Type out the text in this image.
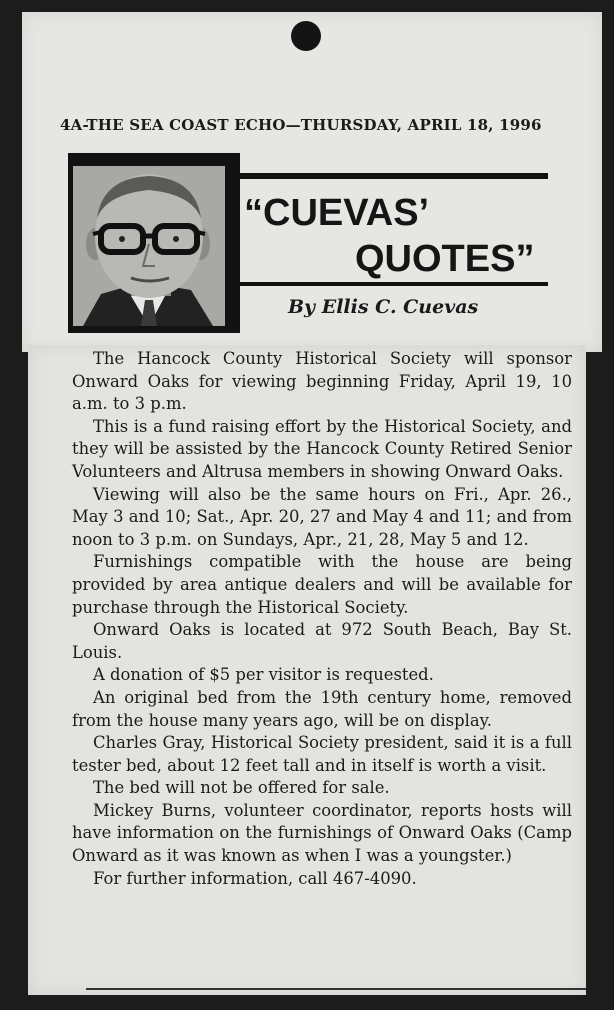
4A-THE SEA COAST ECHO—THURSDAY, APRIL 18, 1996
“CUEVAS’
QUOTES”
By Ellis C. Cuevas

The Hancock County Historical Society will sponsor Onward Oaks for viewing beginning Friday, April 19, 10 a.m. to 3 p.m.

This is a fund raising effort by the Historical Society, and they will be assisted by the Hancock County Retired Senior Volunteers and Altrusa members in showing Onward Oaks.

Viewing will also be the same hours on Fri., Apr. 26., May 3 and 10; Sat., Apr. 20, 27 and May 4 and 11; and from noon to 3 p.m. on Sundays, Apr., 21, 28, May 5 and 12.

Furnishings compatible with the house are being provided by area antique dealers and will be available for purchase through the Historical Society.

Onward Oaks is located at 972 South Beach, Bay St. Louis.

A donation of $5 per visitor is requested.

An original bed from the 19th century home, removed from the house many years ago, will be on display.

Charles Gray, Historical Society president, said it is a full tester bed, about 12 feet tall and in itself is worth a visit.

The bed will not be offered for sale.

Mickey Burns, volunteer coordinator, reports hosts will have information on the furnishings of Onward Oaks (Camp Onward as it was known as when I was a youngster.)

For further information, call 467-4090.
